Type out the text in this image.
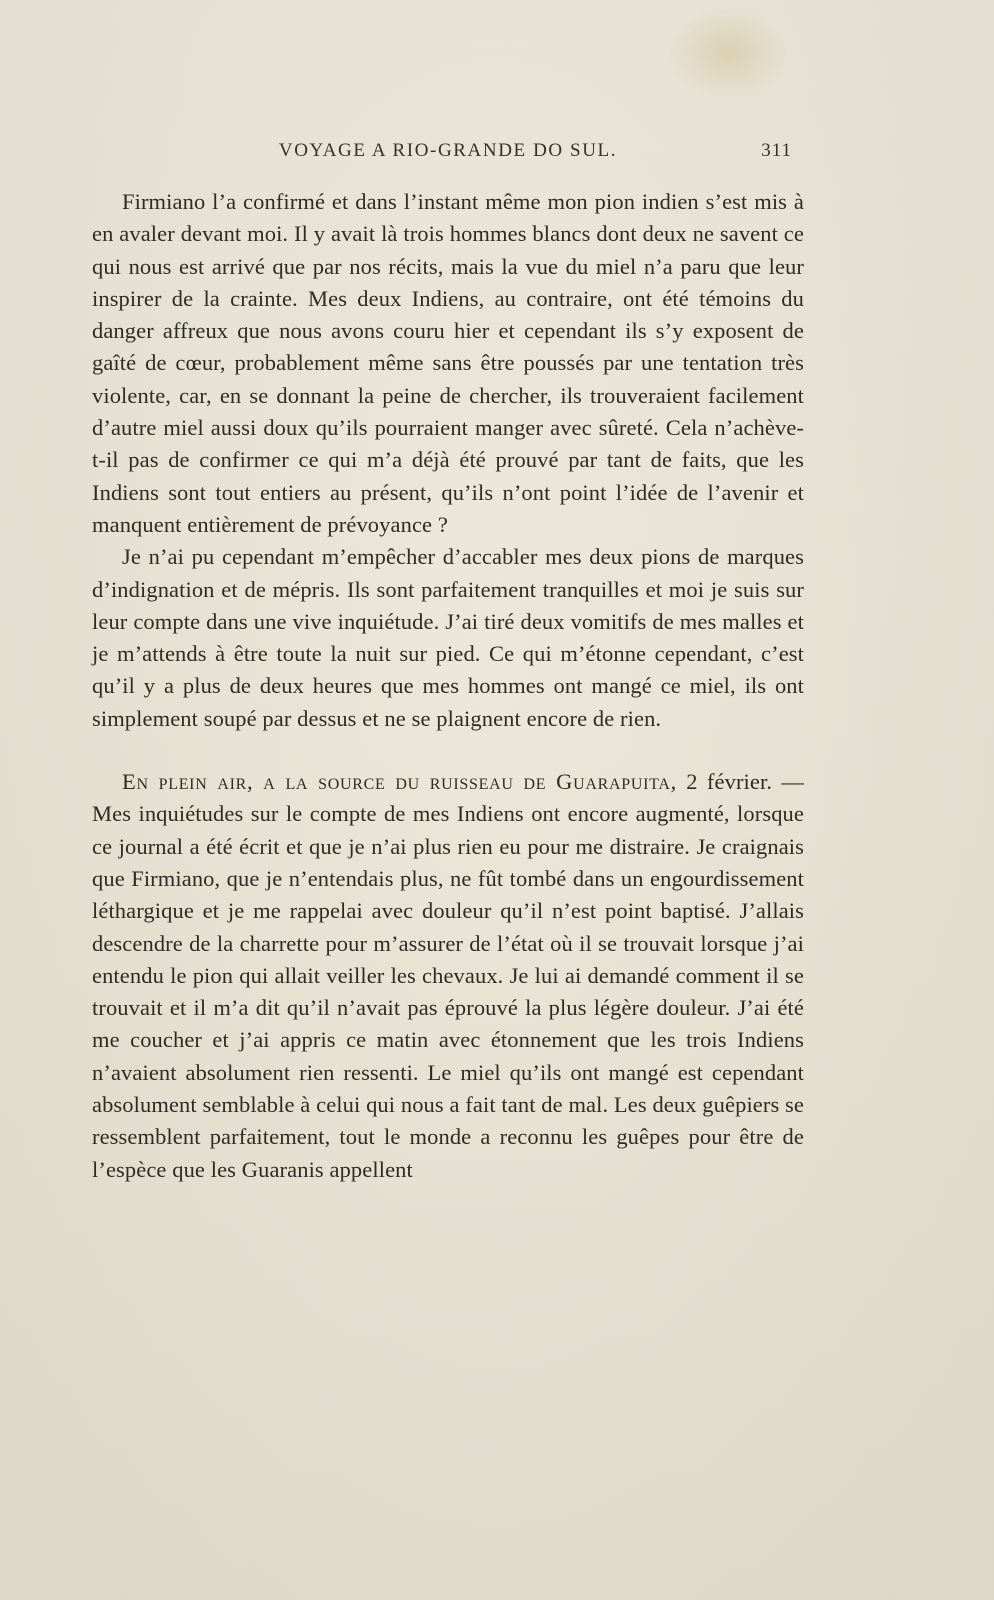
VOYAGE A RIO-GRANDE DO SUL.	311

Firmiano l’a confirmé et dans l’instant même mon pion indien s’est mis à en avaler devant moi. Il y avait là trois hommes blancs dont deux ne savent ce qui nous est arrivé que par nos récits, mais la vue du miel n’a paru que leur inspirer de la crainte. Mes deux Indiens, au contraire, ont été témoins du danger affreux que nous avons couru hier et cependant ils s’y exposent de gaîté de cœur, probablement même sans être poussés par une tentation très violente, car, en se donnant la peine de chercher, ils trouveraient facilement d’autre miel aussi doux qu’ils pourraient manger avec sûreté. Cela n’achève-t-il pas de confirmer ce qui m’a déjà été prouvé par tant de faits, que les Indiens sont tout entiers au présent, qu’ils n’ont point l’idée de l’avenir et manquent entièrement de prévoyance ?

Je n’ai pu cependant m’empêcher d’accabler mes deux pions de marques d’indignation et de mépris. Ils sont parfaitement tranquilles et moi je suis sur leur compte dans une vive inquiétude. J’ai tiré deux vomitifs de mes malles et je m’attends à être toute la nuit sur pied. Ce qui m’étonne cependant, c’est qu’il y a plus de deux heures que mes hommes ont mangé ce miel, ils ont simplement soupé par dessus et ne se plaignent encore de rien.

En plein air, a la source du ruisseau de Guarapuita, 2 février. — Mes inquiétudes sur le compte de mes Indiens ont encore augmenté, lorsque ce journal a été écrit et que je n’ai plus rien eu pour me distraire. Je craignais que Firmiano, que je n’entendais plus, ne fût tombé dans un engourdissement léthargique et je me rappelai avec douleur qu’il n’est point baptisé. J’allais descendre de la charrette pour m’assurer de l’état où il se trouvait lorsque j’ai entendu le pion qui allait veiller les chevaux. Je lui ai demandé comment il se trouvait et il m’a dit qu’il n’avait pas éprouvé la plus légère douleur. J’ai été me coucher et j’ai appris ce matin avec étonnement que les trois Indiens n’avaient absolument rien ressenti. Le miel qu’ils ont mangé est cependant absolument semblable à celui qui nous a fait tant de mal. Les deux guêpiers se ressemblent parfaitement, tout le monde a reconnu les guêpes pour être de l’espèce que les Guaranis appellent
